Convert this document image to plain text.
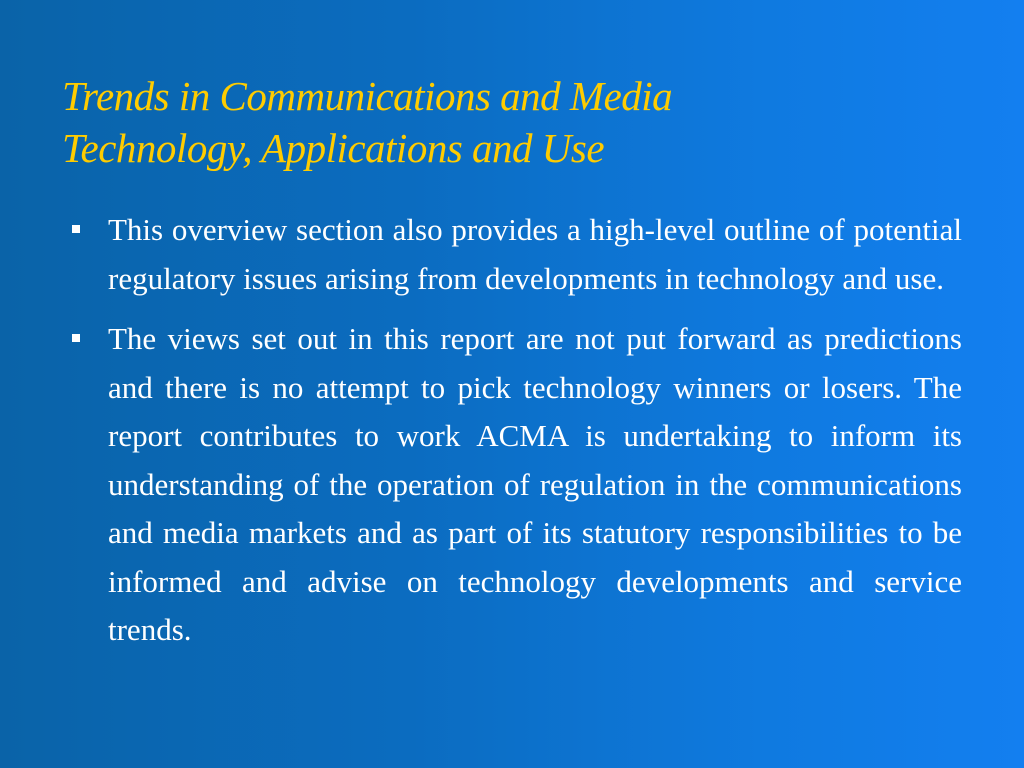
Trends in Communications and Media
Technology, Applications and Use
This overview section also provides a high-level outline of potential regulatory issues arising from developments in technology and use.
The views set out in this report are not put forward as predictions and there is no attempt to pick technology winners or losers. The report contributes to work ACMA is undertaking to inform its understanding of the operation of regulation in the communications and media markets and as part of its statutory responsibilities to be informed and advise on technology developments and service trends.
